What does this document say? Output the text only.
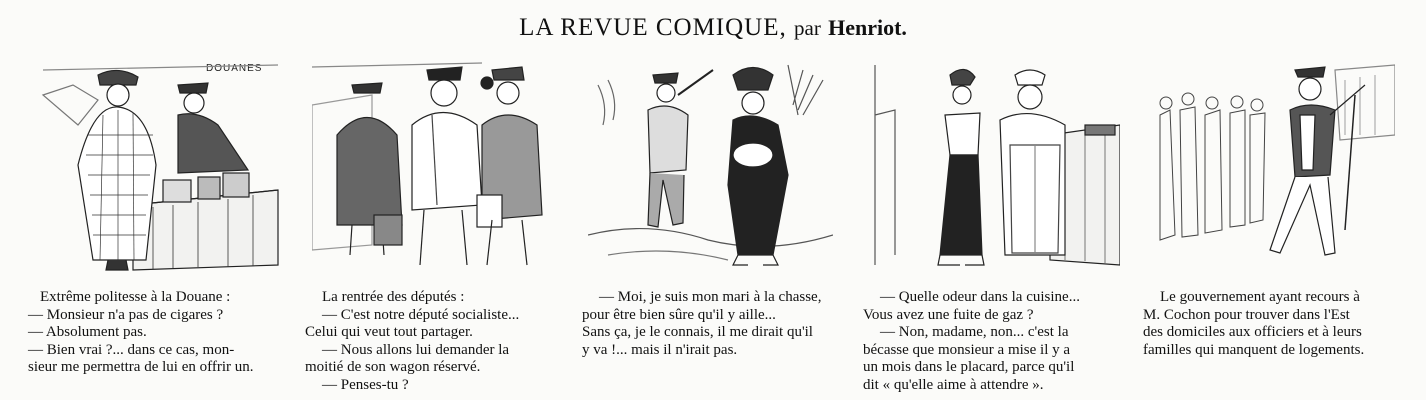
LA REVUE COMIQUE, par Henriot.
DOUANES
Extrême politesse à la Douane :
— Monsieur n'a pas de cigares ?
— Absolument pas.
— Bien vrai ?... dans ce cas, mon-
sieur me permettra de lui en offrir un.
La rentrée des députés :
— C'est notre député socialiste...
Celui qui veut tout partager.
— Nous allons lui demander la
moitié de son wagon réservé.
— Penses-tu ?
— Moi, je suis mon mari à la chasse,
pour être bien sûre qu'il y aille...
Sans ça, je le connais, il me dirait qu'il
y va !... mais il n'irait pas.
— Quelle odeur dans la cuisine...
Vous avez une fuite de gaz ?
— Non, madame, non... c'est la
bécasse que monsieur a mise il y a
un mois dans le placard, parce qu'il
dit « qu'elle aime à attendre ».
Le gouvernement ayant recours à
M. Cochon pour trouver dans l'Est
des domiciles aux officiers et à leurs
familles qui manquent de logements.
